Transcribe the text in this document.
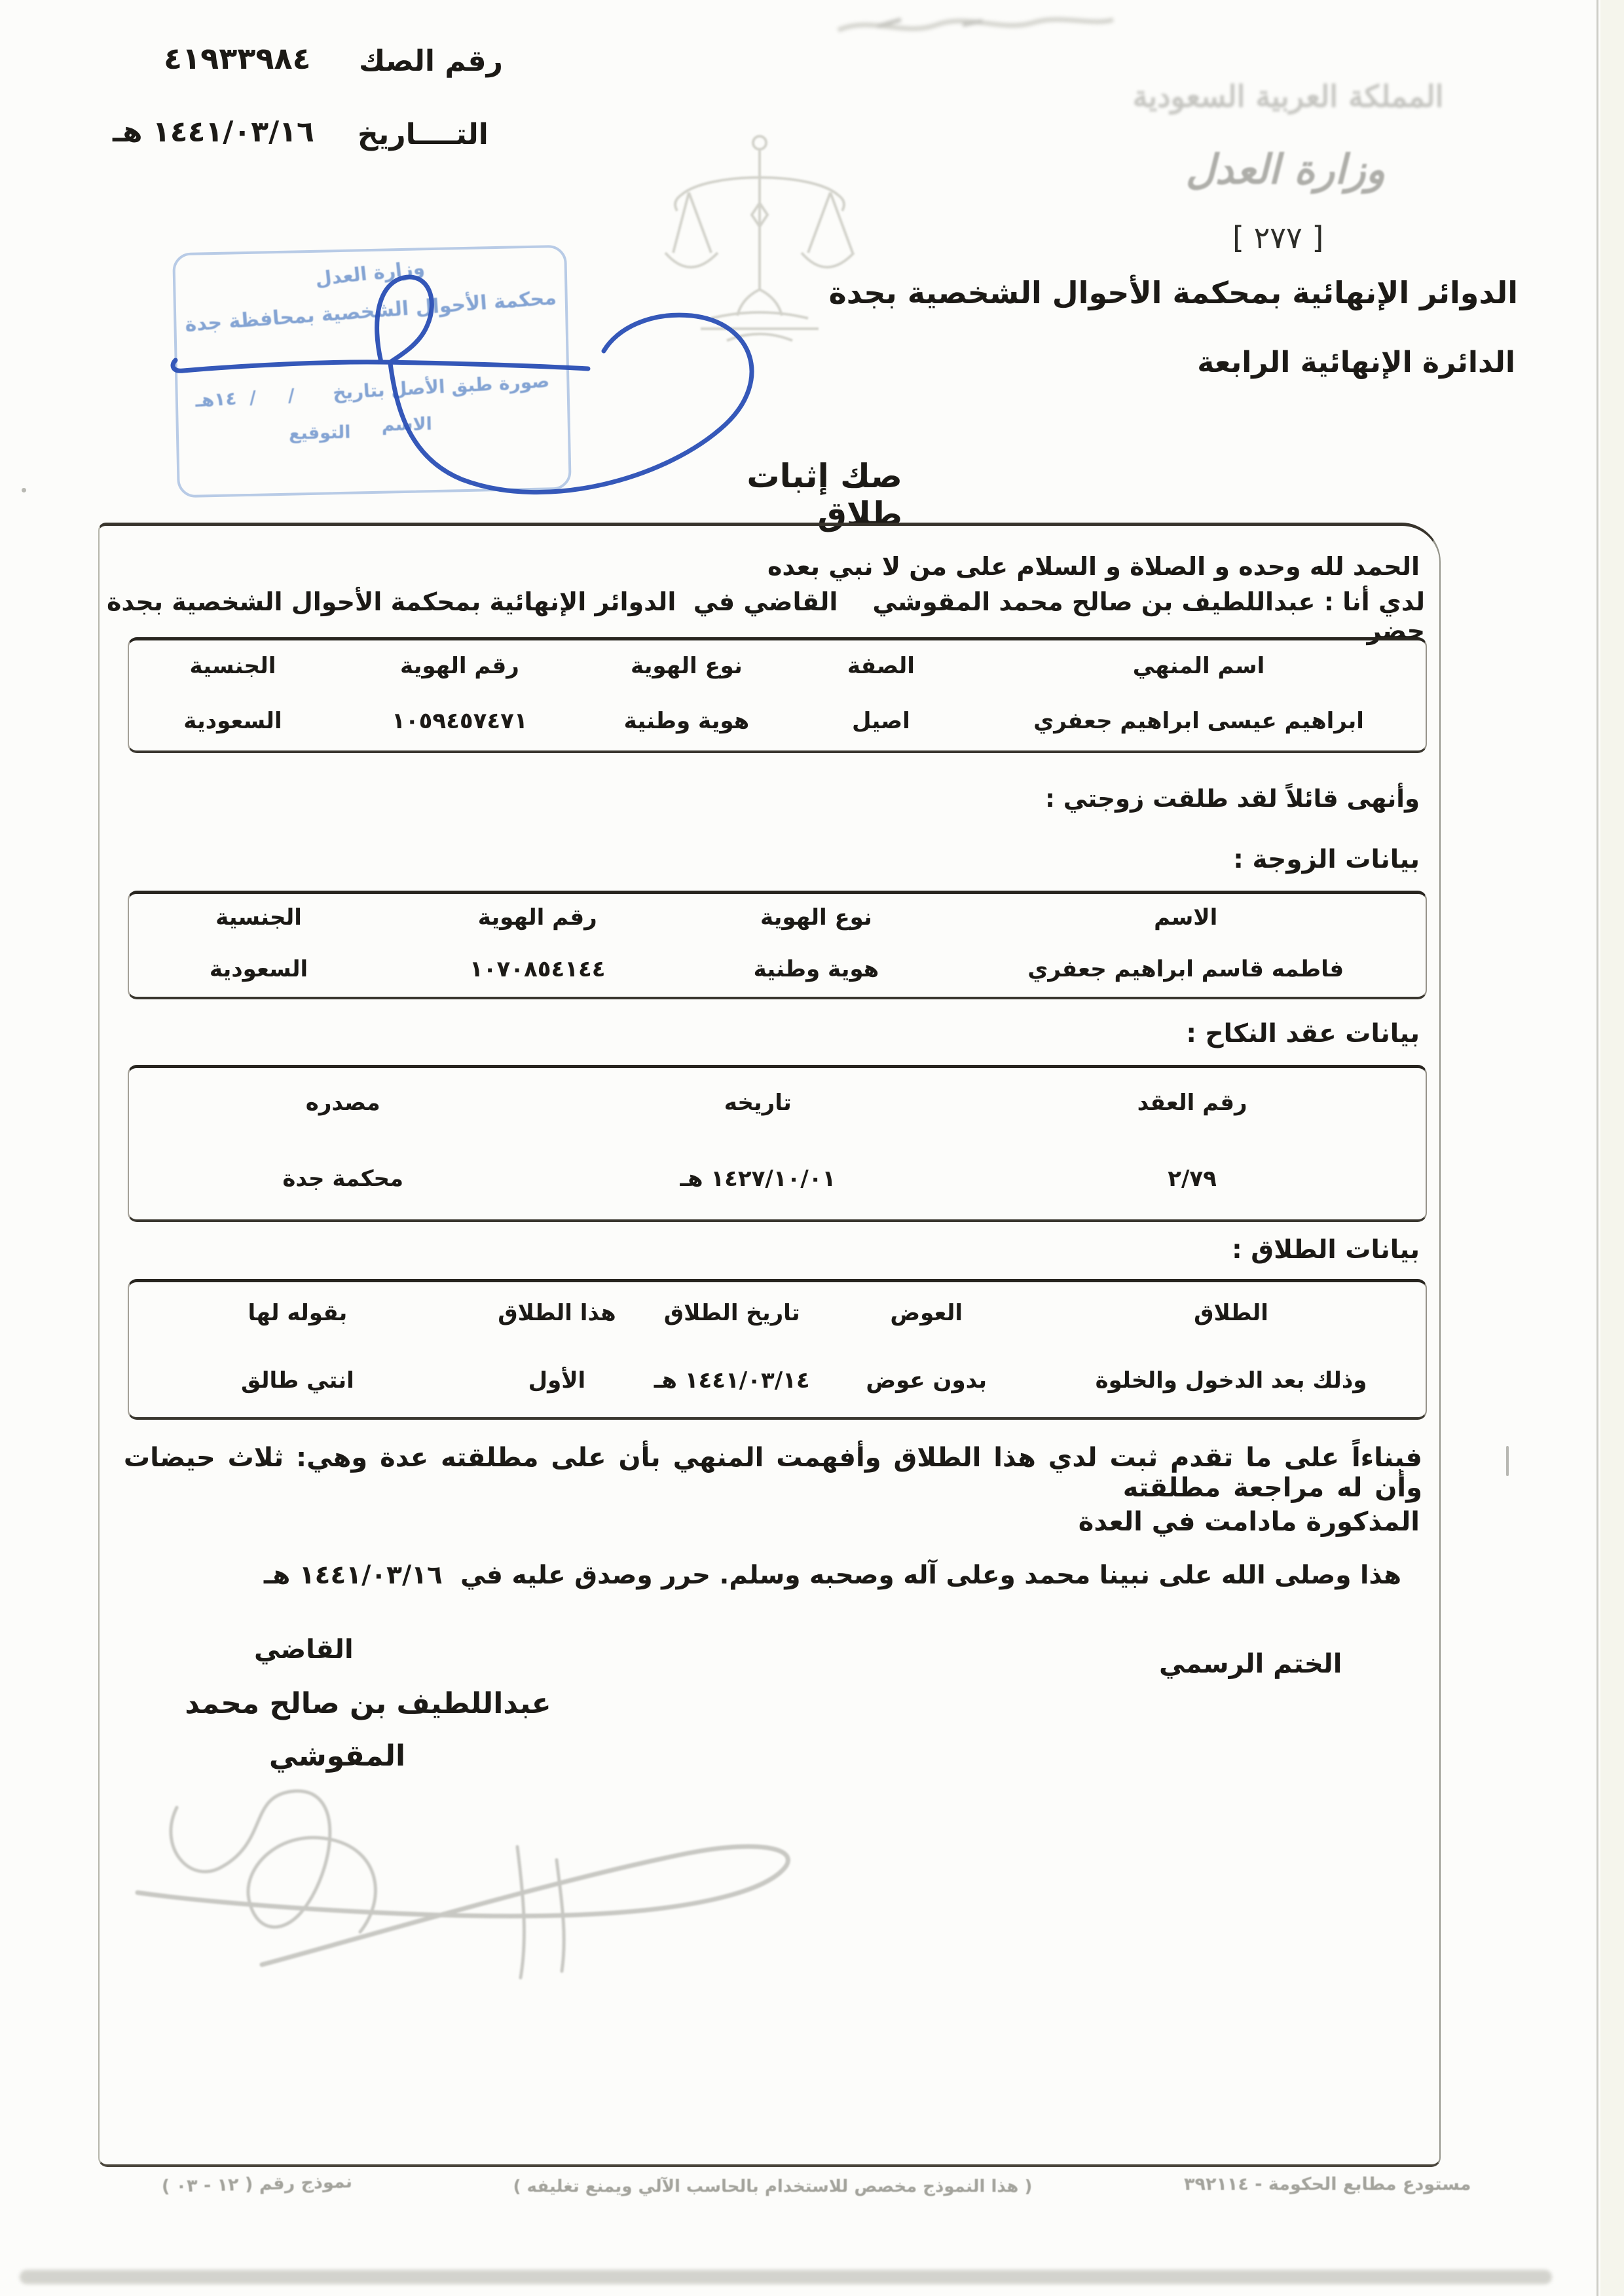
رقم الصك
٤١٩٣٣٩٨٤
التــــاريخ
١٤٤١/٠٣/١٦ هـ
المملكة العربية السعودية
وزارة العدل
[ ٢٧٧ ]
الدوائر الإنهائية بمحكمة الأحوال الشخصية بجدة
الدائرة الإنهائية الرابعة
صك إثبات طلاق
وزارة العدل
محكمة الأحوال الشخصية بمحافظة جدة
صورة طبق الأصل بتاريخ      /     /  ١٤هـ
الاسم
التوقيع
الحمد لله وحده و الصلاة و السلام على من لا نبي بعده
لدي أنا : عبداللطيف بن صالح محمد المقوشي    القاضي في  الدوائر الإنهائية بمحكمة الأحوال الشخصية بجدة حضر
اسم المنهي
الصفة
نوع الهوية
رقم الهوية
الجنسية
ابراهيم عيسى ابراهيم جعفري
اصيل
هوية وطنية
١٠٥٩٤٥٧٤٧١
السعودية
وأنهى قائلاً لقد طلقت زوجتي :
بيانات الزوجة :
الاسم
نوع الهوية
رقم الهوية
الجنسية
فاطمه قاسم ابراهيم جعفري
هوية وطنية
١٠٧٠٨٥٤١٤٤
السعودية
بيانات عقد النكاح :
رقم العقد
تاريخه
مصدره
٢/٧٩
١٤٢٧/١٠/٠١ هـ
محكمة جدة
بيانات الطلاق :
الطلاق
العوض
تاريخ الطلاق
هذا الطلاق
بقوله لها
وذلك بعد الدخول والخلوة
بدون عوض
١٤٤١/٠٣/١٤ هـ
الأول
انتي طالق
فبناءاً على ما تقدم ثبت لدي هذا الطلاق وأفهمت المنهي بأن على مطلقته عدة وهي: ثلاث حيضات وأن له مراجعة مطلقته
المذكورة مادامت في العدة
هذا وصلى الله على نبينا محمد وعلى آله وصحبه وسلم. حرر وصدق عليه في  ١٤٤١/٠٣/١٦ هـ
الختم الرسمي
القاضي
عبداللطيف بن صالح محمد
المقوشي
مستودع مطابع الحكومة - ٣٩٢١١٤
( هذا النموذج مخصص للاستخدام بالحاسب الآلي ويمنع تغليفه )
نموذج رقم ( ١٢ - ٠٣ )
